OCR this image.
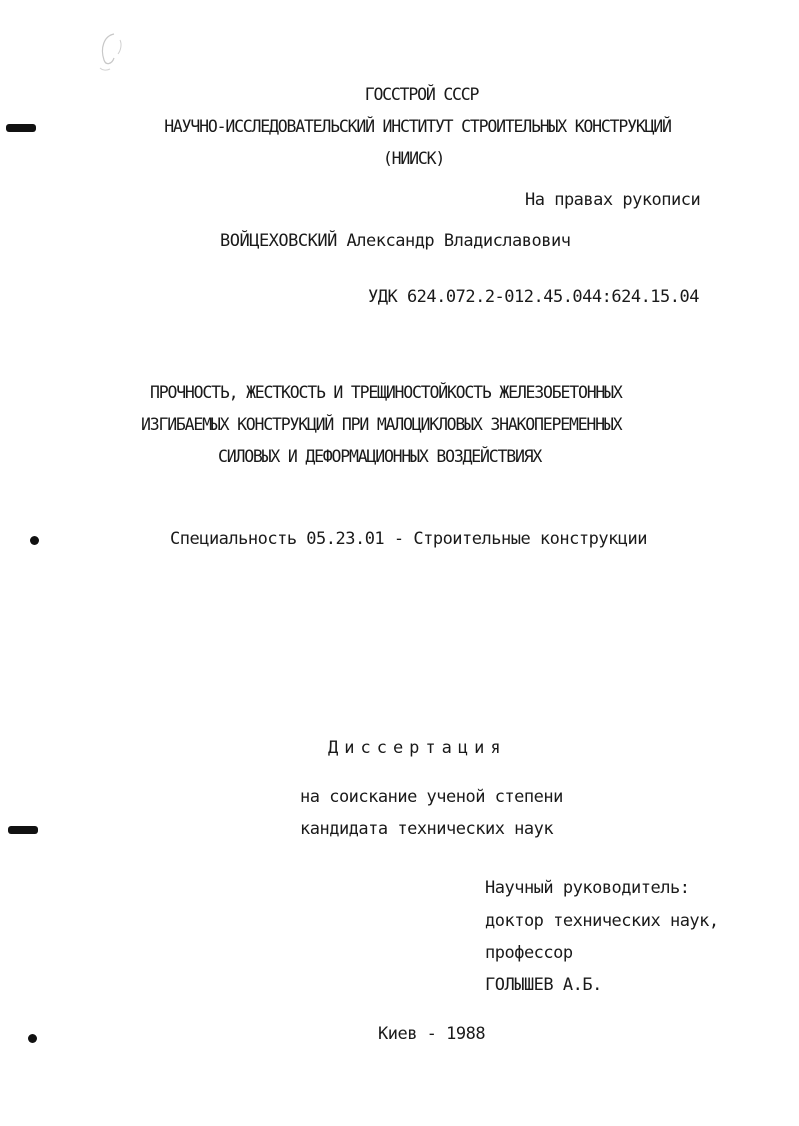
ГОССТРОЙ СССР
НАУЧНО-ИССЛЕДОВАТЕЛЬСКИЙ ИНСТИТУТ СТРОИТЕЛЬНЫХ КОНСТРУКЦИЙ
(НИИСК)
На правах рукописи
ВОЙЦЕХОВСКИЙ Александр Владиславович
УДК 624.072.2-012.45.044:624.15.04
ПРОЧНОСТЬ, ЖЕСТКОСТЬ И ТРЕЩИНОСТОЙКОСТЬ ЖЕЛЕЗОБЕТОННЫХ
ИЗГИБАЕМЫХ КОНСТРУКЦИЙ ПРИ МАЛОЦИКЛОВЫХ ЗНАКОПЕРЕМЕННЫХ
СИЛОВЫХ И ДЕФОРМАЦИОННЫХ ВОЗДЕЙСТВИЯХ
Специальность 05.23.01 - Строительные конструкции
Диссертация
на соискание ученой степени
кандидата технических наук
Научный руководитель:
доктор технических наук,
профессор
ГОЛЫШЕВ А.Б.
Киев - 1988
